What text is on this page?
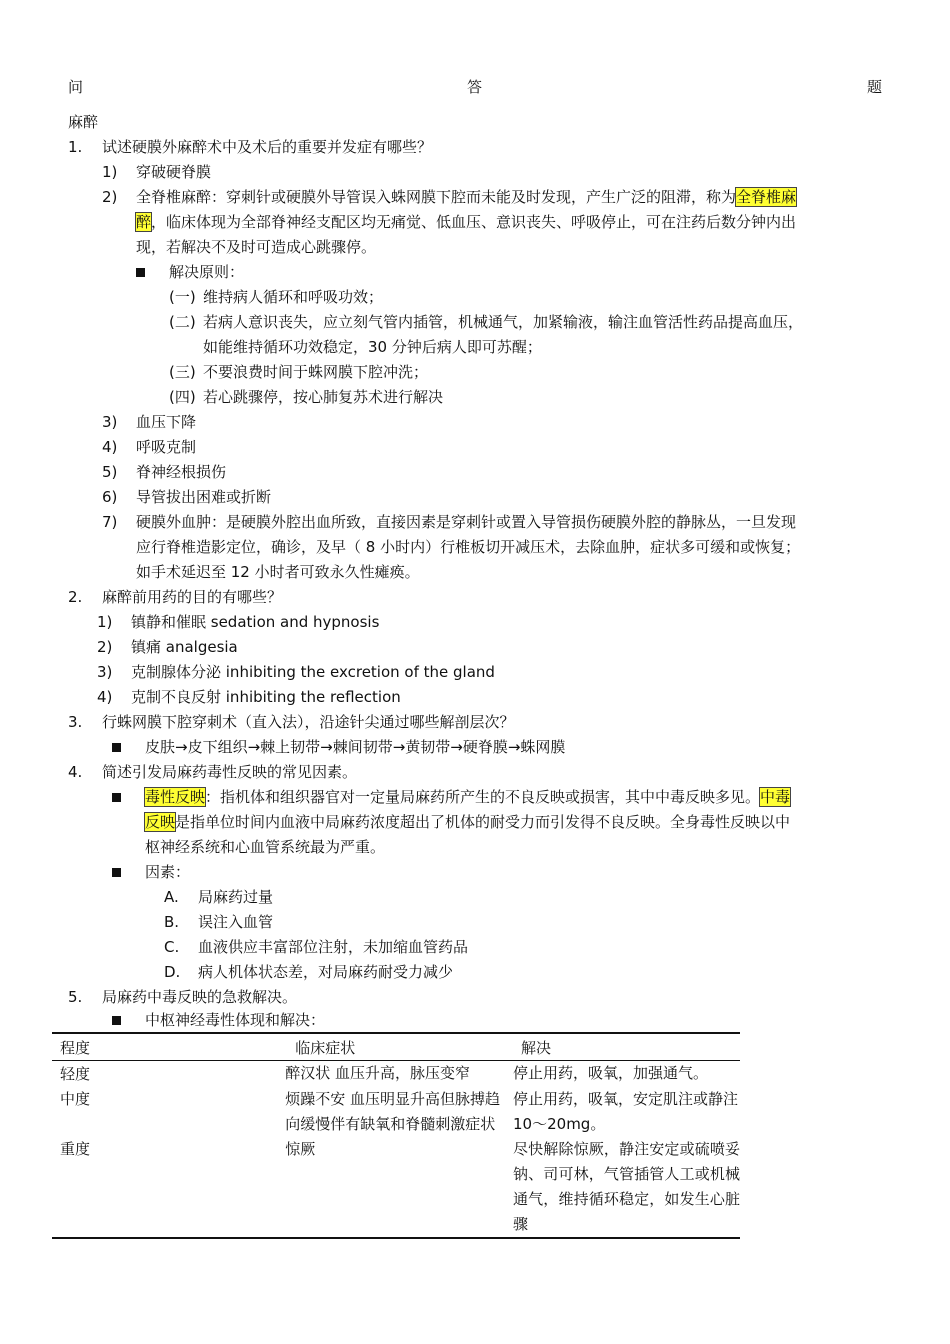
问	答	题
麻醉
1. 试述硬膜外麻醉术中及术后的重要并发症有哪些？
1) 穿破硬脊膜
2) 全脊椎麻醉：穿刺针或硬膜外导管误入蛛网膜下腔而未能及时发现，产生广泛的阻滞，称为全脊椎麻
醉，临床体现为全部脊神经支配区均无痛觉、低血压、意识丧失、呼吸停止，可在注药后数分钟内出
现，若解决不及时可造成心跳骤停。
解决原则：
(一) 维持病人循环和呼吸功效；
(二) 若病人意识丧失，应立刻气管内插管，机械通气，加紧输液，输注血管活性药品提高血压，
如能维持循环功效稳定，30 分钟后病人即可苏醒；
(三) 不要浪费时间于蛛网膜下腔冲洗；
(四) 若心跳骤停，按心肺复苏术进行解决
3) 血压下降
4) 呼吸克制
5) 脊神经根损伤
6) 导管拔出困难或折断
7) 硬膜外血肿：是硬膜外腔出血所致，直接因素是穿刺针或置入导管损伤硬膜外腔的静脉丛，一旦发现
应行脊椎造影定位，确诊，及早（ 8 小时内）行椎板切开减压术，去除血肿，症状多可缓和或恢复；
如手术延迟至 12 小时者可致永久性瘫痪。
2. 麻醉前用药的目的有哪些？
1) 镇静和催眠 sedation and hypnosis
2) 镇痛 analgesia
3) 克制腺体分泌 inhibiting the excretion of the gland
4) 克制不良反射 inhibiting the reflection
3. 行蛛网膜下腔穿刺术（直入法），沿途针尖通过哪些解剖层次？
皮肤→皮下组织→棘上韧带→棘间韧带→黄韧带→硬脊膜→蛛网膜
4. 简述引发局麻药毒性反映的常见因素。
毒性反映：指机体和组织器官对一定量局麻药所产生的不良反映或损害，其中中毒反映多见。中毒
反映是指单位时间内血液中局麻药浓度超出了机体的耐受力而引发得不良反映。全身毒性反映以中
枢神经系统和心血管系统最为严重。
因素：
A. 局麻药过量
B. 误注入血管
C. 血液供应丰富部位注射，未加缩血管药品
D. 病人机体状态差，对局麻药耐受力减少
5. 局麻药中毒反映的急救解决。
中枢神经毒性体现和解决：
程度	临床症状	解决
轻度	醉汉状 血压升高，脉压变窄	停止用药，吸氧，加强通气。
中度	烦躁不安 血压明显升高但脉搏趋向缓慢伴有缺氧和脊髓刺激症状	停止用药，吸氧，安定肌注或静注 10～20mg。
重度	惊厥	尽快解除惊厥，静注安定或硫喷妥钠、司可林，气管插管人工或机械通气，维持循环稳定，如发生心脏骤
